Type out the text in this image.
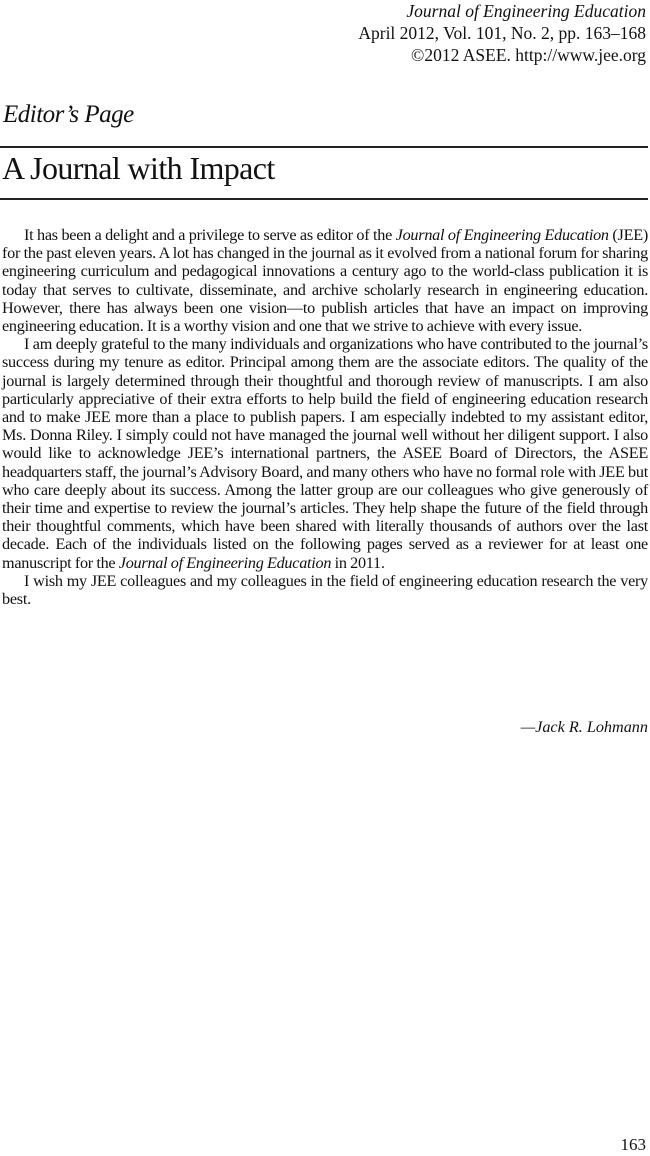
Journal of Engineering Education
April 2012, Vol. 101, No. 2, pp. 163–168
©2012 ASEE. http://www.jee.org
Editor’s Page
A Journal with Impact

It has been a delight and a privilege to serve as editor of the Journal of Engineering Education (JEE) for the past eleven years. A lot has changed in the journal as it evolved from a national forum for sharing engineering curriculum and pedagogical innovations a century ago to the world-class publication it is today that serves to cultivate, disseminate, and archive scholarly research in engineering education. However, there has always been one vision—to publish articles that have an impact on improving engineering education. It is a worthy vision and one that we strive to achieve with every issue.

I am deeply grateful to the many individuals and organizations who have contributed to the journal’s success during my tenure as editor. Principal among them are the associate editors. The quality of the journal is largely determined through their thoughtful and thorough review of manuscripts. I am also particularly appreciative of their extra efforts to help build the field of engineering education research and to make JEE more than a place to publish papers. I am especially indebted to my assistant editor, Ms. Donna Riley. I simply could not have managed the journal well without her diligent support. I also would like to acknowledge JEE’s international partners, the ASEE Board of Directors, the ASEE headquarters staff, the journal’s Advisory Board, and many others who have no formal role with JEE but who care deeply about its success. Among the latter group are our colleagues who give generously of their time and expertise to review the journal’s articles. They help shape the future of the field through their thoughtful comments, which have been shared with literally thousands of authors over the last decade. Each of the individuals listed on the following pages served as a reviewer for at least one manuscript for the Journal of Engineering Education in 2011.

I wish my JEE colleagues and my colleagues in the field of engineering education research the very best.

—Jack R. Lohmann
163
